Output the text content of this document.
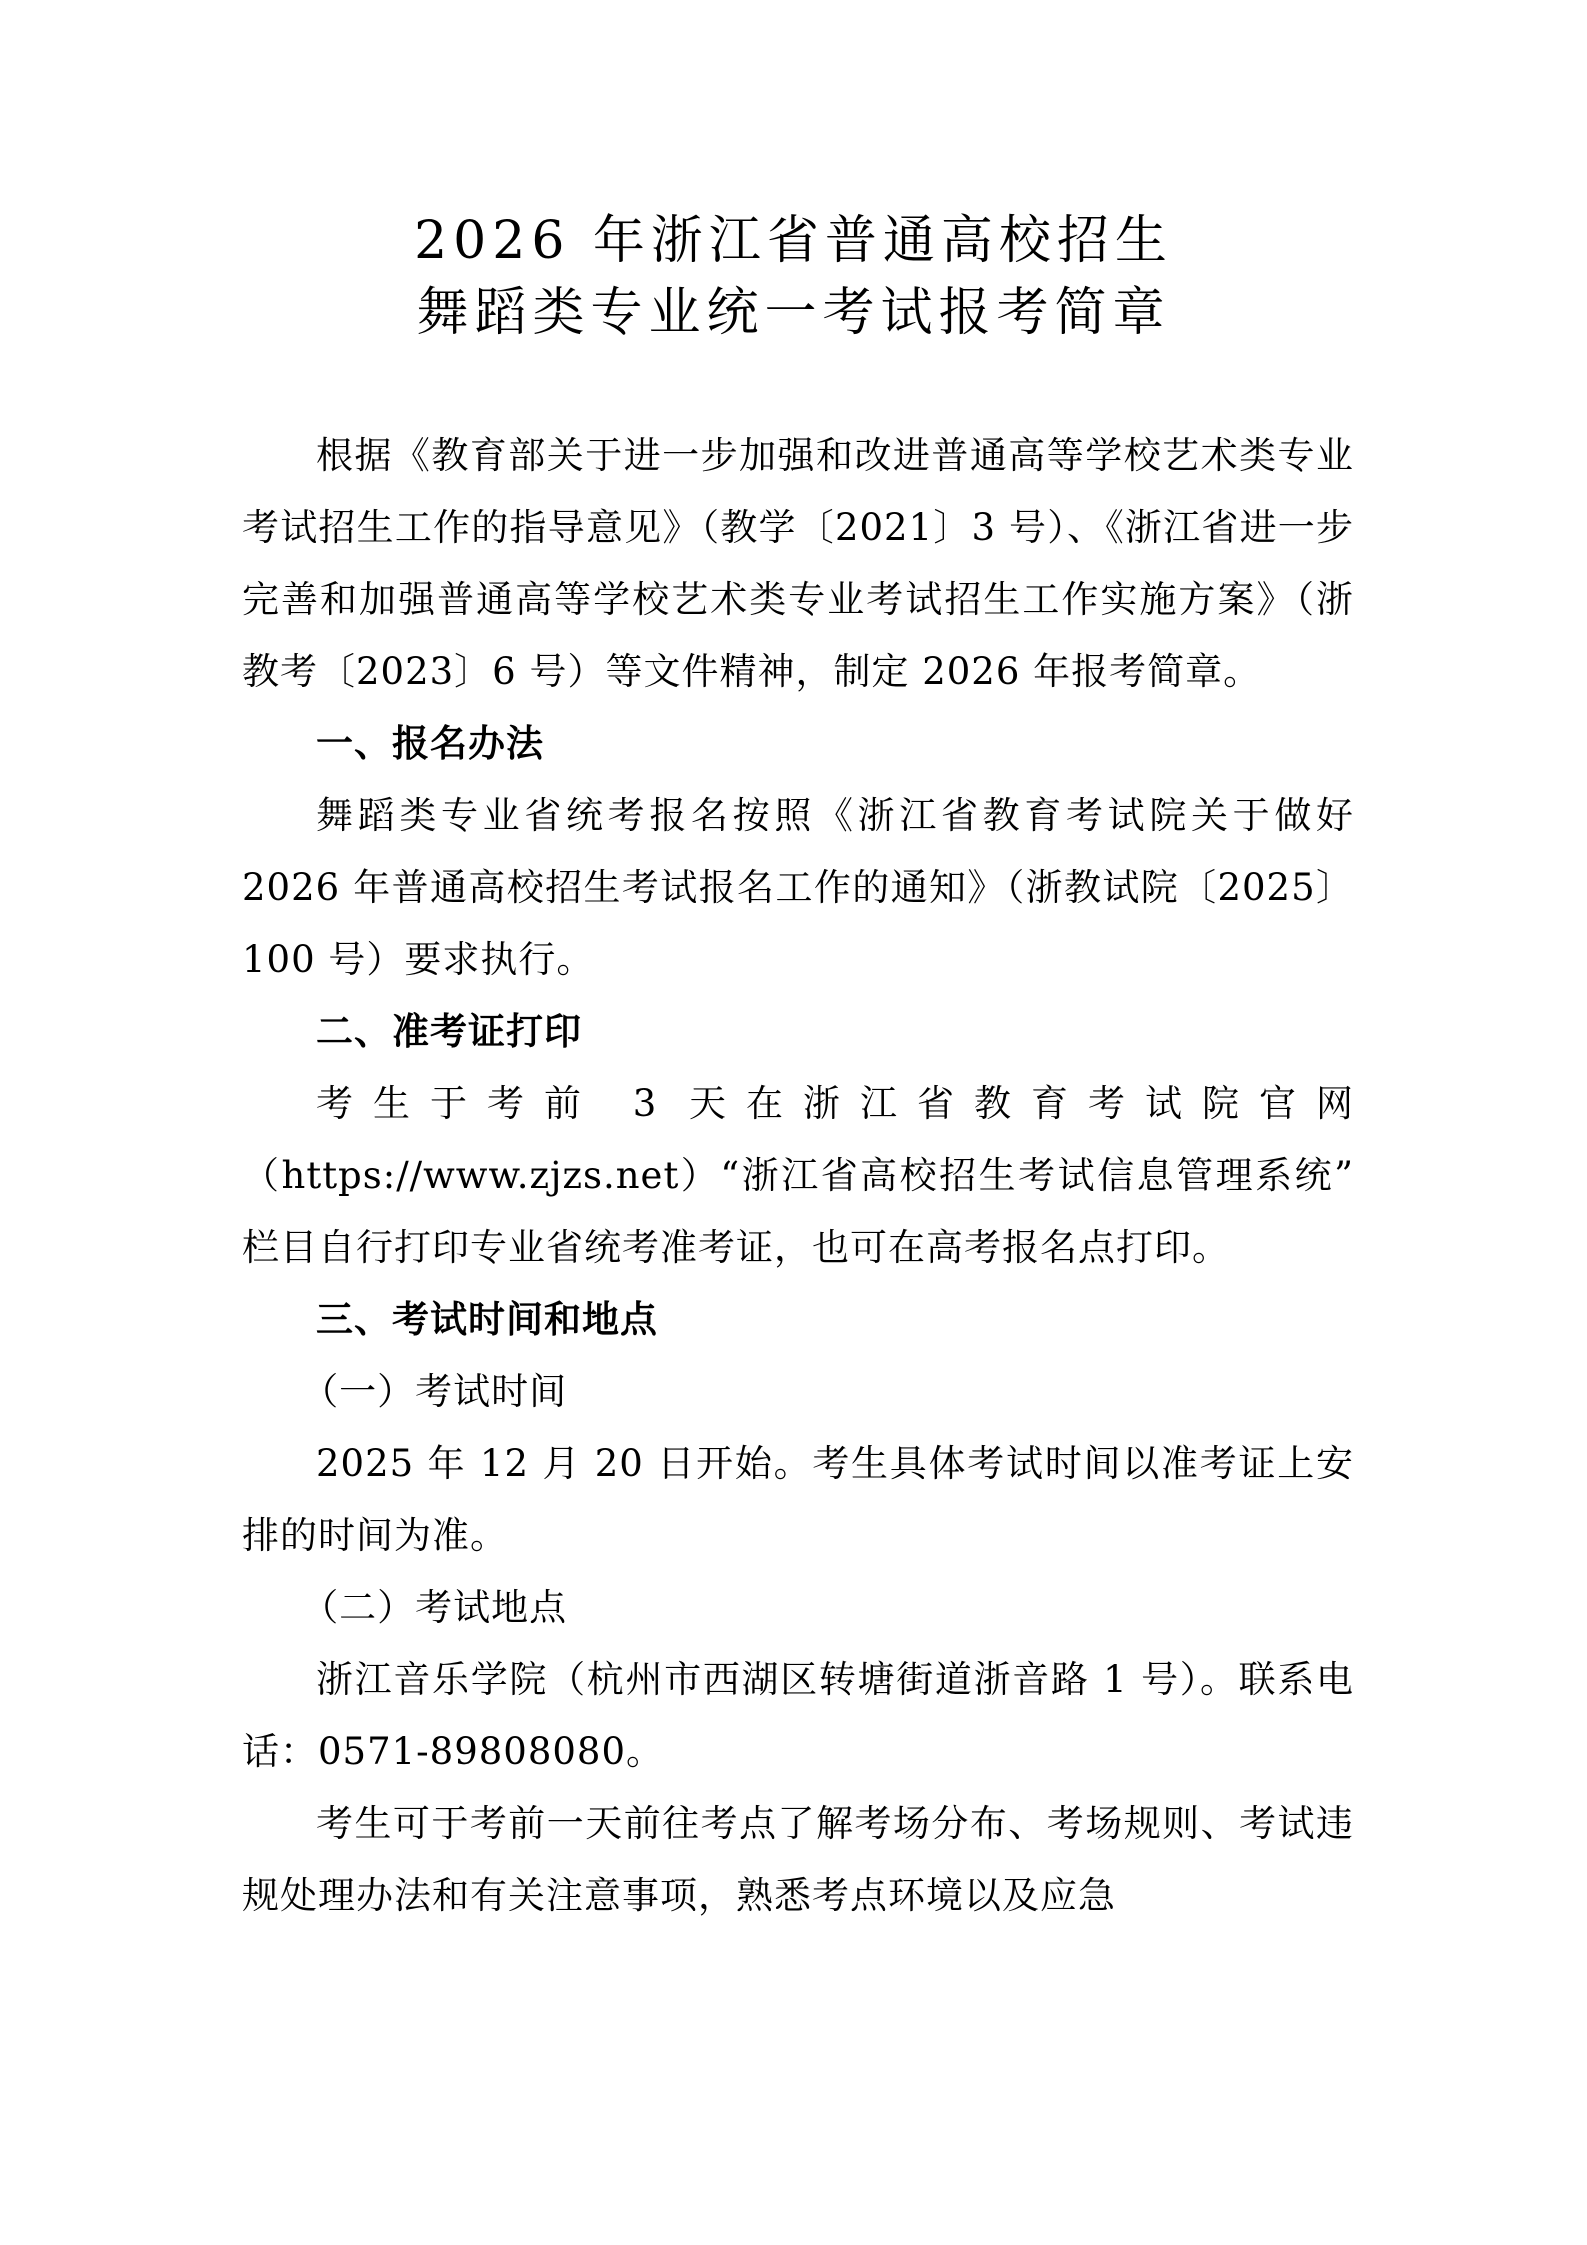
2026 年浙江省普通高校招生
舞蹈类专业统一考试报考简章

根据《教育部关于进一步加强和改进普通高等学校艺术类专业考试招生工作的指导意见》（教学〔2021〕3 号）、《浙江省进一步完善和加强普通高等学校艺术类专业考试招生工作实施方案》（浙教考〔2023〕6 号）等文件精神，制定 2026 年报考简章。

一、报名办法

舞蹈类专业省统考报名按照《浙江省教育考试院关于做好 2026 年普通高校招生考试报名工作的通知》（浙教试院〔2025〕100 号）要求执行。

二、准考证打印

考生于考前 3 天在浙江省教育考试院官网

（https://www.zjzs.net）“浙江省高校招生考试信息管理系统”

栏目自行打印专业省统考准考证，也可在高考报名点打印。

三、考试时间和地点

（一）考试时间

2025 年 12 月 20 日开始。考生具体考试时间以准考证上安排的时间为准。

（二）考试地点

浙江音乐学院（杭州市西湖区转塘街道浙音路 1 号）。联系电话：0571-89808080。

考生可于考前一天前往考点了解考场分布、考场规则、考试违规处理办法和有关注意事项，熟悉考点环境以及应急
